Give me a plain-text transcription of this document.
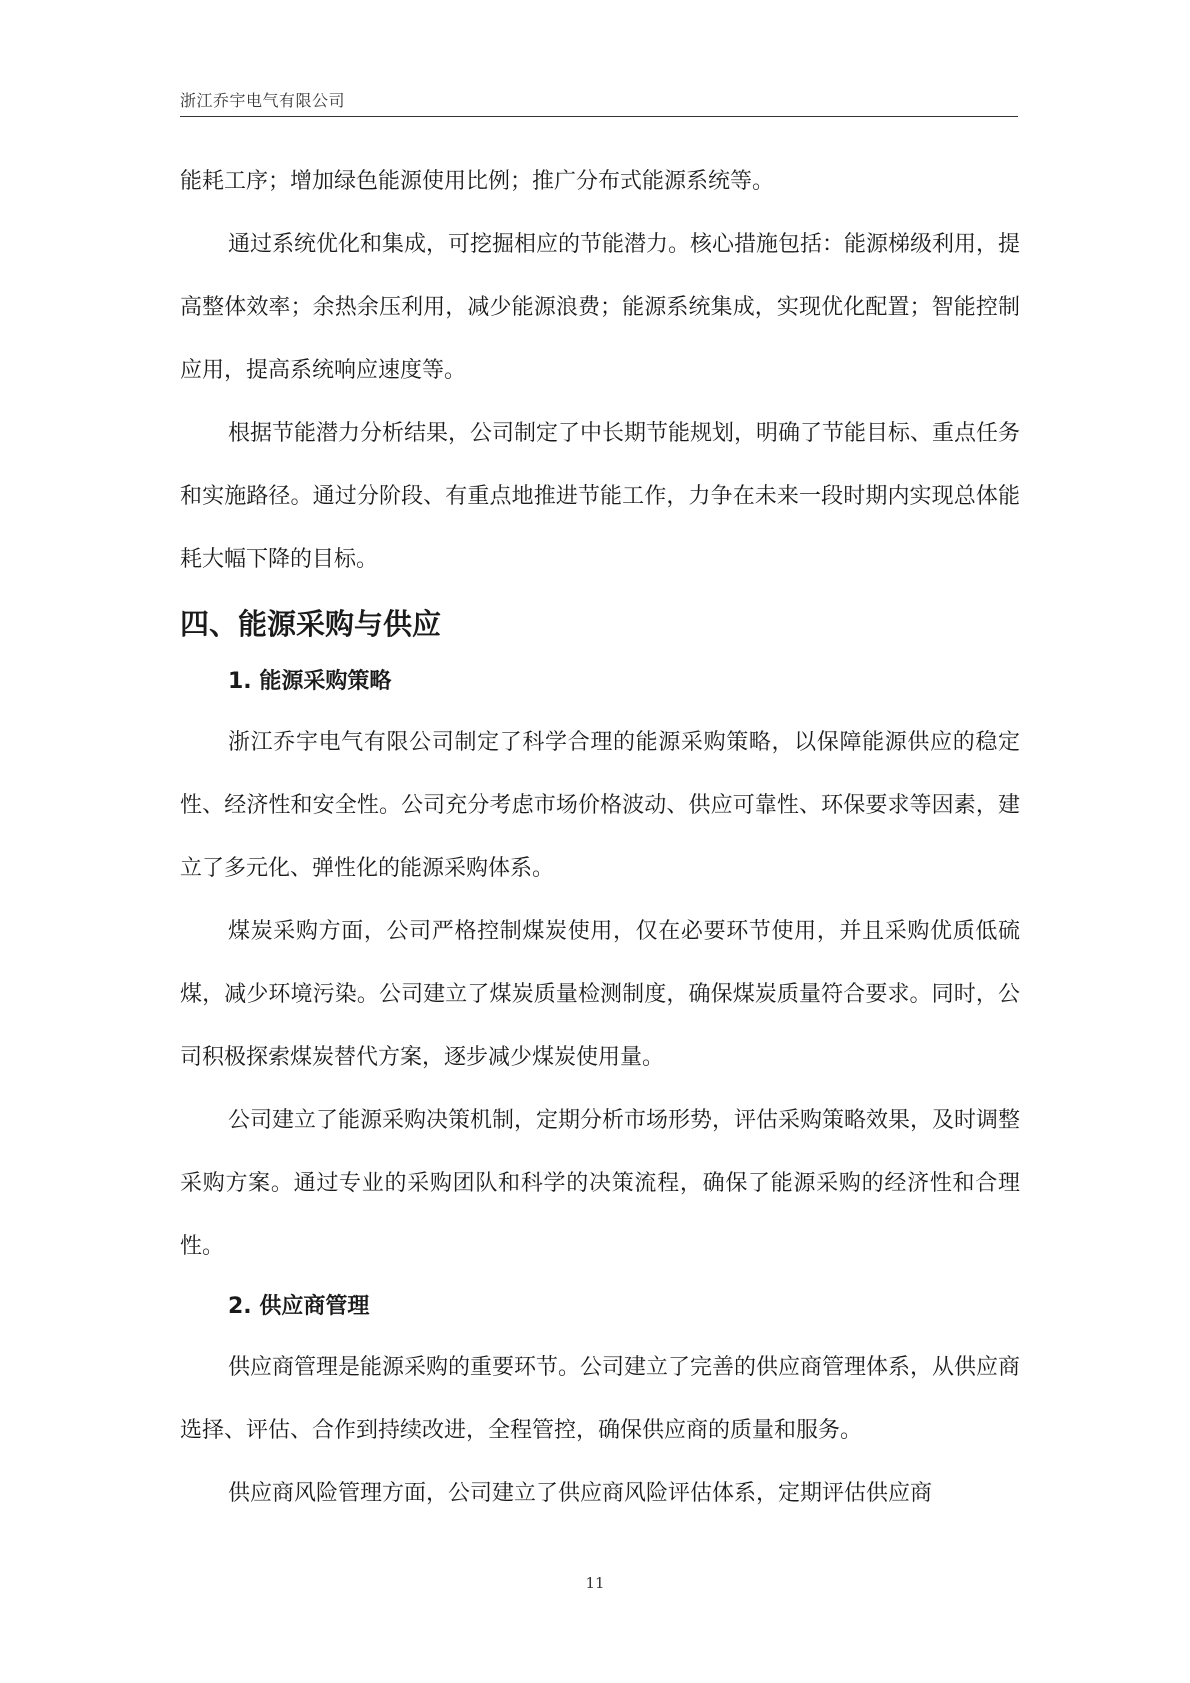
浙江乔宇电气有限公司

能耗工序；增加绿色能源使用比例；推广分布式能源系统等。

通过系统优化和集成，可挖掘相应的节能潜力。核心措施包括：能源梯级利用，提高整体效率；余热余压利用，减少能源浪费；能源系统集成，实现优化配置；智能控制应用，提高系统响应速度等。

根据节能潜力分析结果，公司制定了中长期节能规划，明确了节能目标、重点任务和实施路径。通过分阶段、有重点地推进节能工作，力争在未来一段时期内实现总体能耗大幅下降的目标。

四、能源采购与供应
1. 能源采购策略

浙江乔宇电气有限公司制定了科学合理的能源采购策略，以保障能源供应的稳定性、经济性和安全性。公司充分考虑市场价格波动、供应可靠性、环保要求等因素，建立了多元化、弹性化的能源采购体系。

煤炭采购方面，公司严格控制煤炭使用，仅在必要环节使用，并且采购优质低硫煤，减少环境污染。公司建立了煤炭质量检测制度，确保煤炭质量符合要求。同时，公司积极探索煤炭替代方案，逐步减少煤炭使用量。

公司建立了能源采购决策机制，定期分析市场形势，评估采购策略效果，及时调整采购方案。通过专业的采购团队和科学的决策流程，确保了能源采购的经济性和合理性。

2. 供应商管理

供应商管理是能源采购的重要环节。公司建立了完善的供应商管理体系，从供应商选择、评估、合作到持续改进，全程管控，确保供应商的质量和服务。

供应商风险管理方面，公司建立了供应商风险评估体系，定期评估供应商

11
